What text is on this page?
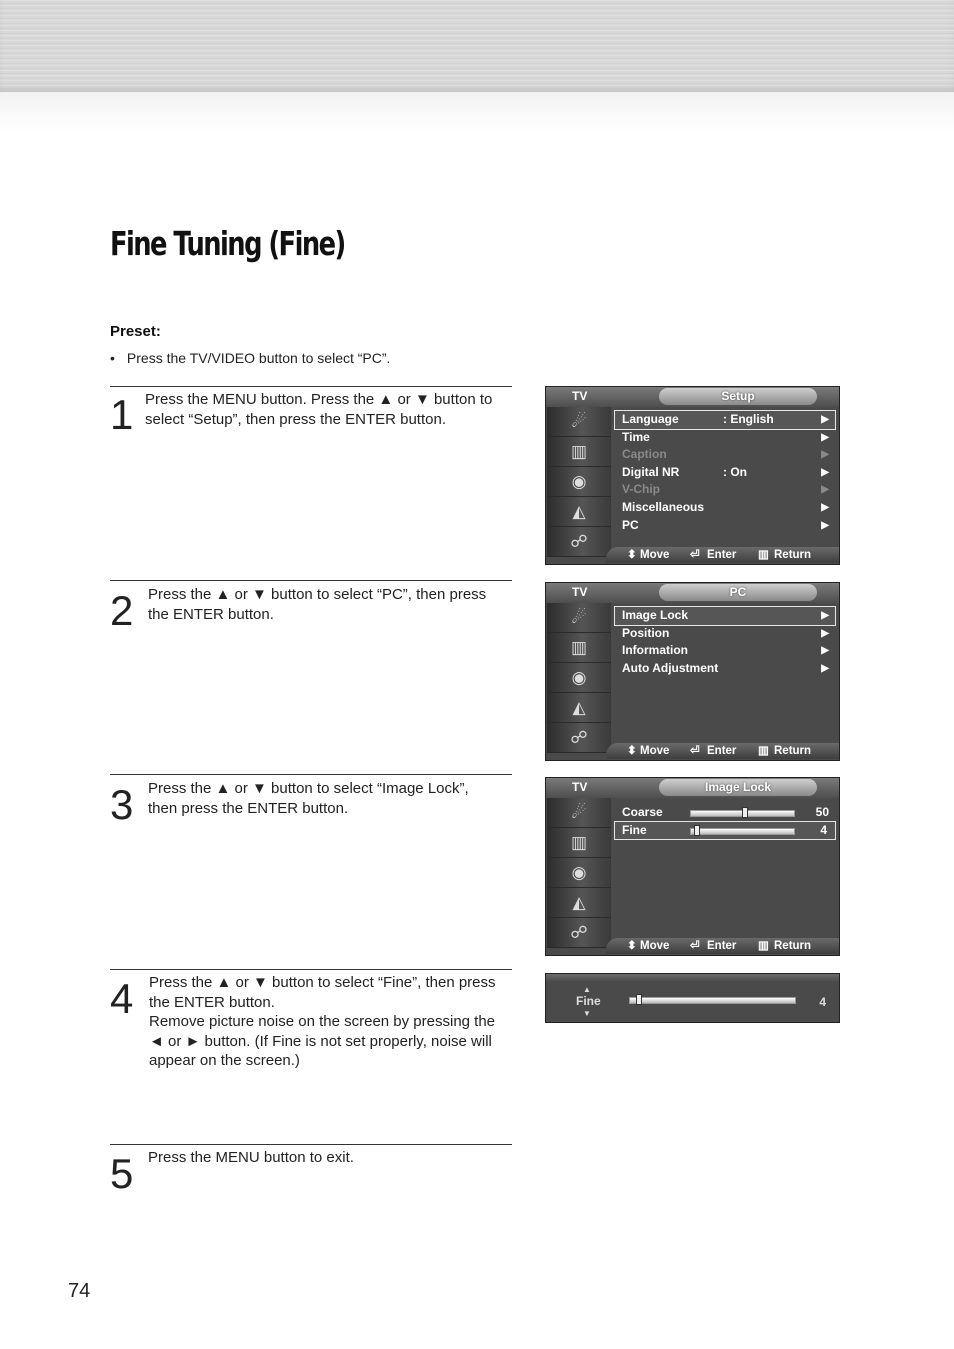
Fine Tuning (Fine)
Preset:
• Press the TV/VIDEO button to select “PC”.
1 Press the MENU button. Press the ▲ or ▼ button to select “Setup”, then press the ENTER button.
2 Press the ▲ or ▼ button to select “PC”, then press the ENTER button.
3 Press the ▲ or ▼ button to select “Image Lock”, then press the ENTER button.
4 Press the ▲ or ▼ button to select “Fine”, then press the ENTER button.
Remove picture noise on the screen by pressing the ◄ or ► button. (If Fine is not set properly, noise will appear on the screen.)
5 Press the MENU button to exit.
TV	Setup
☄
▥
◉
◭
☍
Language	: English	▶
Time	▶
Caption	▶
Digital NR	: On	▶
V-Chip	▶
Miscellaneous	▶
PC	▶
⬍ Move ⏎ Enter ▥ Return
TV	PC
☄
▥
◉
◭
☍
Image Lock	▶
Position	▶
Information	▶
Auto Adjustment	▶
⬍ Move ⏎ Enter ▥ Return
TV	Image Lock
☄
▥
◉
◭
☍
Coarse	50
Fine	4
⬍ Move ⏎ Enter ▥ Return
▲
Fine
▼
4
74
